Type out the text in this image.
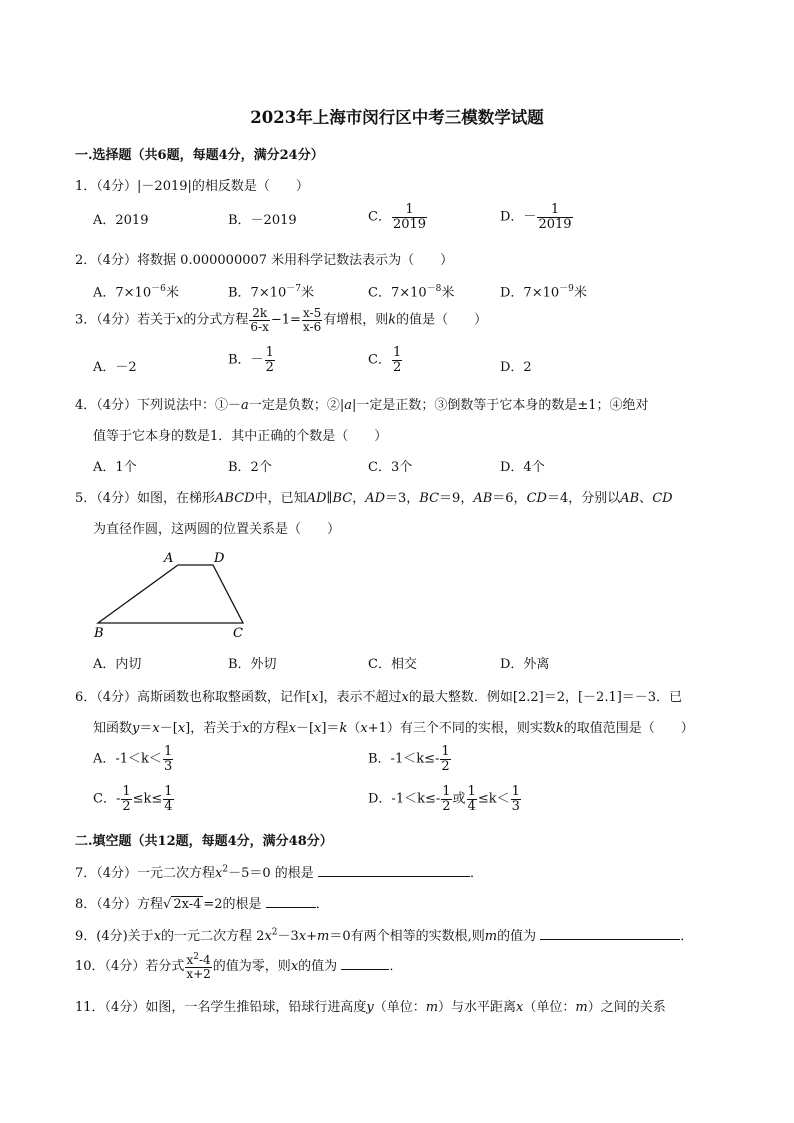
2023年上海市闵行区中考三模数学试题
一.选择题（共6题，每题4分，满分24分）
1．（4分）|－2019|的相反数是（　　）
A．2019	B．－2019	C． $\frac{1}{2019}$	D．－ $\frac{1}{2019}$
2．（4分）将数据 0.000000007 米用科学记数法表示为（　　）
A．$7\times 10^{-6}$米	B．$7\times 10^{-7}$米	C．$7\times 10^{-8}$米	D．$7\times 10^{-9}$米
3．（4分）若关于x的分式方程 $\frac{2k}{6-x} -1= \frac{x-5}{x-6}$ 有增根，则k的值是（　　）
A．－2	B．－ $\frac{1}{2}$	C． $\frac{1}{2}$	D．2
4．（4分）下列说法中：①－a一定是负数；②|a|一定是正数；③倒数等于它本身的数是±1；④绝对
值等于它本身的数是1．其中正确的个数是（　　）
A．1个	B．2个	C．3个	D．4个
5．（4分）如图，在梯形ABCD中，已知AD∥BC，AD＝3，BC＝9，AB＝6，CD＝4，分别以AB、CD
为直径作圆，这两圆的位置关系是（　　）
A	D
B	C
A．内切	B．外切	C．相交	D．外离
6．（4分）高斯函数也称取整函数，记作[x]，表示不超过x的最大整数．例如[2.2]＝2，[－2.1]＝－3．已
知函数y＝x－[x]，若关于x的方程x－[x]＝k（x+1）有三个不同的实根，则实数k的取值范围是（　　）
A．$-1<k< \frac{1}{3}$	B．$-1<k\le- \frac{1}{2}$
C．- $\frac{1}{2} \le k\le \frac{1}{4}$	D．$-1<k\le- \frac{1}{2}$ 或 $\frac{1}{4} \le k< \frac{1}{3}$
二.填空题（共12题，每题4分，满分48分）
7．（4分）一元二次方程$x^2-5=0$ 的根是	．
8．（4分）方程√ 2x-4 =2的根是	．
9．(4分)关于x的一元二次方程 $2x^2-3x+m=0$有两个相等的实数根,则m的值为	．
10．（4分）若分式 $\frac{x^2-4}{x+2}$ 的值为零，则x的值为	．
11．（4分）如图，一名学生推铅球，铅球行进高度y（单位：m）与水平距离x（单位：m）之间的关系
